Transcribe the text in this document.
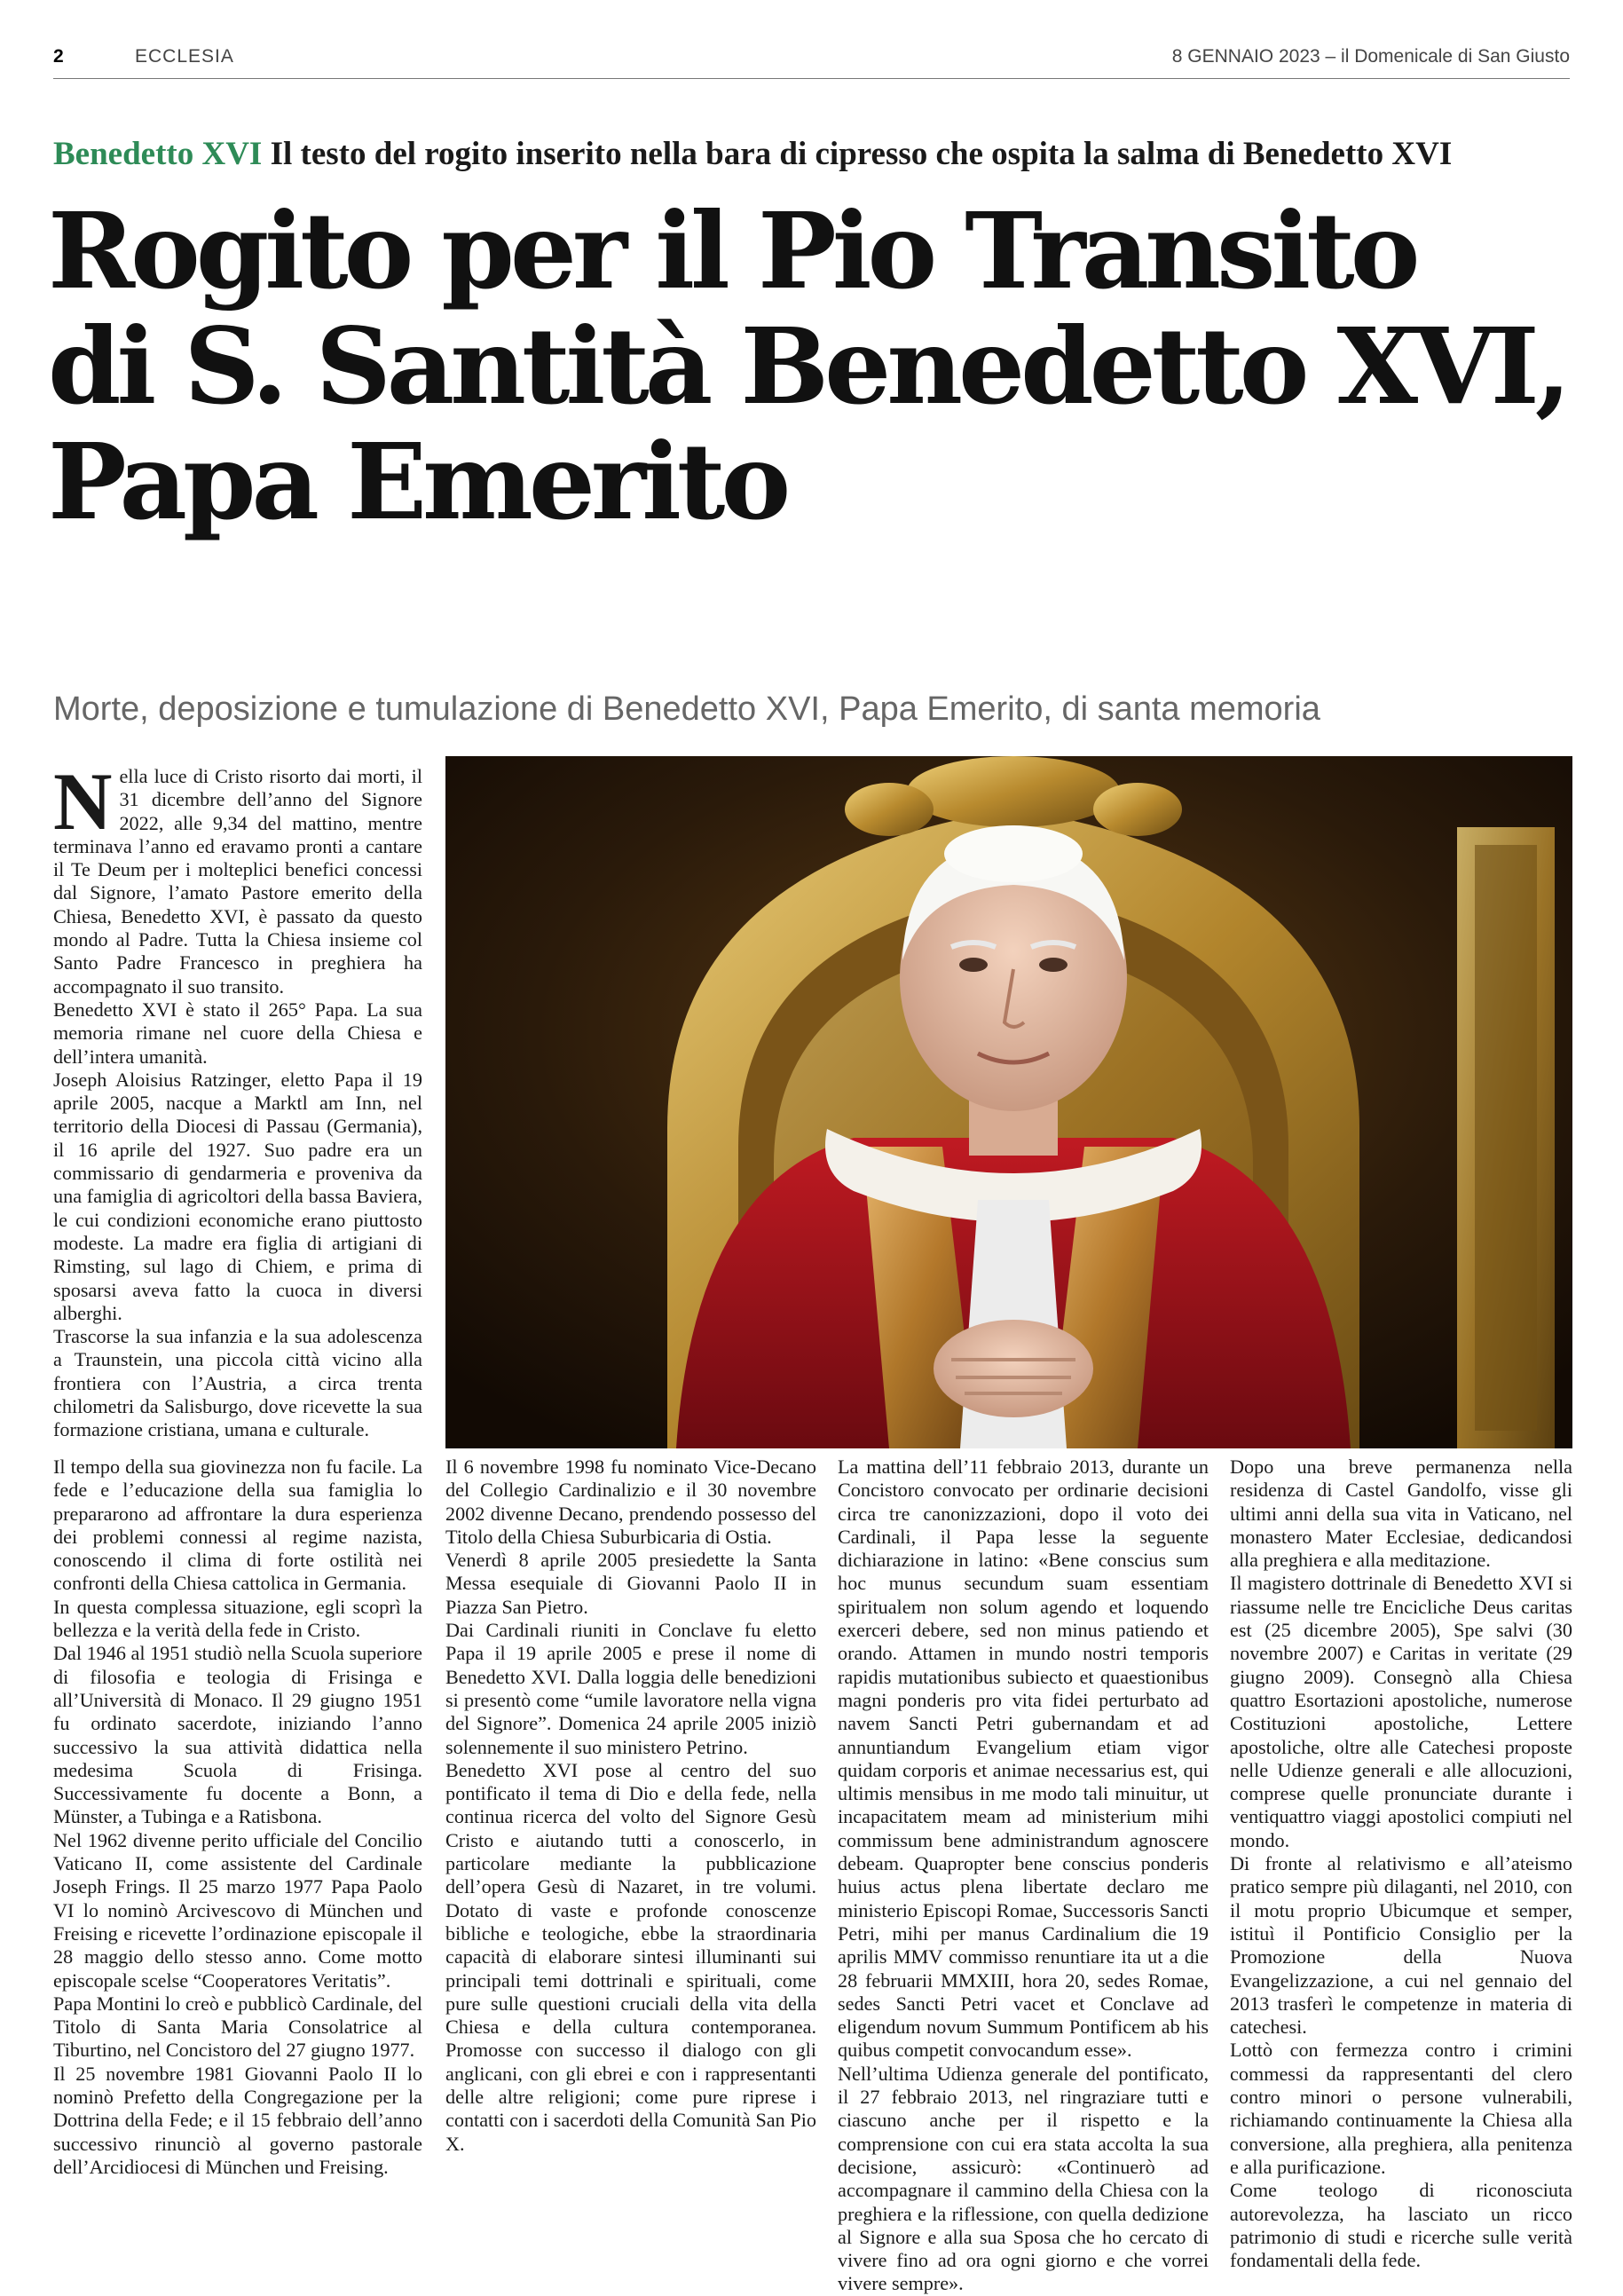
2	ECCLESIA	8 GENNAIO 2023 – il Domenicale di San Giusto
Benedetto XVI Il testo del rogito inserito nella bara di cipresso che ospita la salma di Benedetto XVI
Rogito per il Pio Transito
di S. Santità Benedetto XVI,
Papa Emerito
Morte, deposizione e tumulazione di Benedetto XVI, Papa Emerito, di santa memoria
N ella luce di Cristo risorto dai morti, il 31 dicembre dell’anno del Signore 2022, alle 9,34 del mattino, mentre terminava l’anno ed eravamo pronti a cantare il Te Deum per i molteplici benefici concessi dal Signore, l’amato Pastore emerito della Chiesa, Benedetto XVI, è passato da questo mondo al Padre. Tutta la Chiesa insieme col Santo Padre Francesco in preghiera ha accompagnato il suo transito.

Benedetto XVI è stato il 265° Papa. La sua memoria rimane nel cuore della Chiesa e dell’intera umanità.

Joseph Aloisius Ratzinger, eletto Papa il 19 aprile 2005, nacque a Marktl am Inn, nel territorio della Diocesi di Passau (Germania), il 16 aprile del 1927. Suo padre era un commissario di gendarmeria e proveniva da una famiglia di agricoltori della bassa Baviera, le cui condizioni economiche erano piuttosto modeste. La madre era figlia di artigiani di Rimsting, sul lago di Chiem, e prima di sposarsi aveva fatto la cuoca in diversi alberghi.

Trascorse la sua infanzia e la sua adolescenza a Traunstein, una piccola città vicino alla frontiera con l’Austria, a circa trenta chilometri da Salisburgo, dove ricevette la sua formazione cristiana, umana e culturale.

Il tempo della sua giovinezza non fu facile. La fede e l’educazione della sua famiglia lo prepararono ad affrontare la dura esperienza dei problemi connessi al regime nazista, conoscendo il clima di forte ostilità nei confronti della Chiesa cattolica in Germania.

In questa complessa situazione, egli scoprì la bellezza e la verità della fede in Cristo.

Dal 1946 al 1951 studiò nella Scuola superiore di filosofia e teologia di Frisinga e all’Università di Monaco. Il 29 giugno 1951 fu ordinato sacerdote, iniziando l’anno successivo la sua attività didattica nella medesima Scuola di Frisinga. Successivamente fu docente a Bonn, a Münster, a Tubinga e a Ratisbona.

Nel 1962 divenne perito ufficiale del Concilio Vaticano II, come assistente del Cardinale Joseph Frings. Il 25 marzo 1977 Papa Paolo VI lo nominò Arcivescovo di München und Freising e ricevette l’ordinazione episcopale il 28 maggio dello stesso anno. Come motto episcopale scelse “Cooperatores Veritatis”.

Papa Montini lo creò e pubblicò Cardinale, del Titolo di Santa Maria Consolatrice al Tiburtino, nel Concistoro del 27 giugno 1977.

Il 25 novembre 1981 Giovanni Paolo II lo nominò Prefetto della Congregazione per la Dottrina della Fede; e il 15 febbraio dell’anno successivo rinunciò al governo pastorale dell’Arcidiocesi di München und Freising.

Il 6 novembre 1998 fu nominato Vice-Decano del Collegio Cardinalizio e il 30 novembre 2002 divenne Decano, prendendo possesso del Titolo della Chiesa Suburbicaria di Ostia.

Venerdì 8 aprile 2005 presiedette la Santa Messa esequiale di Giovanni Paolo II in Piazza San Pietro.

Dai Cardinali riuniti in Conclave fu eletto Papa il 19 aprile 2005 e prese il nome di Benedetto XVI. Dalla loggia delle benedizioni si presentò come “umile lavoratore nella vigna del Signore”. Domenica 24 aprile 2005 iniziò solennemente il suo ministero Petrino.

Benedetto XVI pose al centro del suo pontificato il tema di Dio e della fede, nella continua ricerca del volto del Signore Gesù Cristo e aiutando tutti a conoscerlo, in particolare mediante la pubblicazione dell’opera Gesù di Nazaret, in tre volumi. Dotato di vaste e profonde conoscenze bibliche e teologiche, ebbe la straordinaria capacità di elaborare sintesi illuminanti sui principali temi dottrinali e spirituali, come pure sulle questioni cruciali della vita della Chiesa e della cultura contemporanea. Promosse con successo il dialogo con gli anglicani, con gli ebrei e con i rappresentanti delle altre religioni; come pure riprese i contatti con i sacerdoti della Comunità San Pio X.

La mattina dell’11 febbraio 2013, durante un Concistoro convocato per ordinarie decisioni circa tre canonizzazioni, dopo il voto dei Cardinali, il Papa lesse la seguente dichiarazione in latino: «Bene conscius sum hoc munus secundum suam essentiam spiritualem non solum agendo et loquendo exerceri debere, sed non minus patiendo et orando. Attamen in mundo nostri temporis rapidis mutationibus subiecto et quaestionibus magni ponderis pro vita fidei perturbato ad navem Sancti Petri gubernandam et ad annuntiandum Evangelium etiam vigor quidam corporis et animae necessarius est, qui ultimis mensibus in me modo tali minuitur, ut incapacitatem meam ad ministerium mihi commissum bene administrandum agnoscere debeam. Quapropter bene conscius ponderis huius actus plena libertate declaro me ministerio Episcopi Romae, Successoris Sancti Petri, mihi per manus Cardinalium die 19 aprilis MMV commisso renuntiare ita ut a die 28 februarii MMXIII, hora 20, sedes Romae, sedes Sancti Petri vacet et Conclave ad eligendum novum Summum Pontificem ab his quibus competit convocandum esse».

Nell’ultima Udienza generale del pontificato, il 27 febbraio 2013, nel ringraziare tutti e ciascuno anche per il rispetto e la comprensione con cui era stata accolta la sua decisione, assicurò: «Continuerò ad accompagnare il cammino della Chiesa con la preghiera e la riflessione, con quella dedizione al Signore e alla sua Sposa che ho cercato di vivere fino ad ora ogni giorno e che vorrei vivere sempre».

Dopo una breve permanenza nella residenza di Castel Gandolfo, visse gli ultimi anni della sua vita in Vaticano, nel monastero Mater Ecclesiae, dedicandosi alla preghiera e alla meditazione.

Il magistero dottrinale di Benedetto XVI si riassume nelle tre Encicliche Deus caritas est (25 dicembre 2005), Spe salvi (30 novembre 2007) e Caritas in veritate (29 giugno 2009). Consegnò alla Chiesa quattro Esortazioni apostoliche, numerose Costituzioni apostoliche, Lettere apostoliche, oltre alle Catechesi proposte nelle Udienze generali e alle allocuzioni, comprese quelle pronunciate durante i ventiquattro viaggi apostolici compiuti nel mondo.

Di fronte al relativismo e all’ateismo pratico sempre più dilaganti, nel 2010, con il motu proprio Ubicumque et semper, istituì il Pontificio Consiglio per la Promozione della Nuova Evangelizzazione, a cui nel gennaio del 2013 trasferì le competenze in materia di catechesi.

Lottò con fermezza contro i crimini commessi da rappresentanti del clero contro minori o persone vulnerabili, richiamando continuamente la Chiesa alla conversione, alla preghiera, alla penitenza e alla purificazione.

Come teologo di riconosciuta autorevolezza, ha lasciato un ricco patrimonio di studi e ricerche sulle verità fondamentali della fede.
